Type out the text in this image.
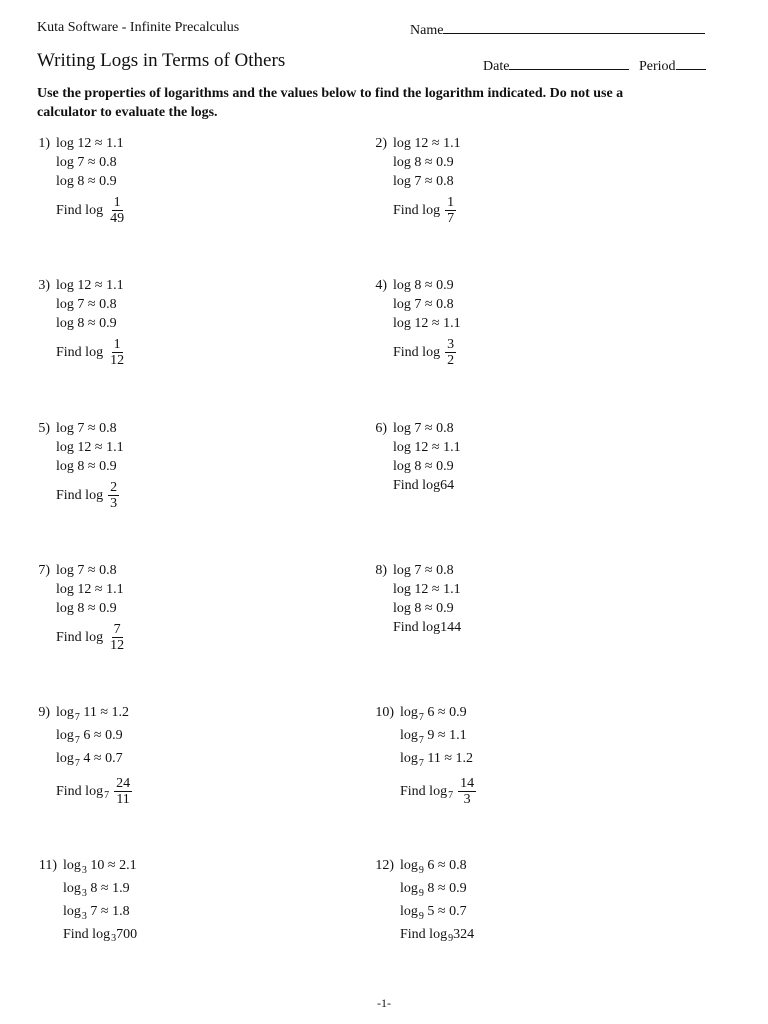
Kuta Software - Infinite Precalculus	Name
Writing Logs in Terms of Others	Date	Period
Use the properties of logarithms and the values below to find the logarithm indicated. Do not use a calculator to evaluate the logs.
1) log 12 ≈ 1.1
log 7 ≈ 0.8
log 8 ≈ 0.9
Find $\log \frac{1}{49}$
2) log 12 ≈ 1.1
log 8 ≈ 0.9
log 7 ≈ 0.8
Find $\log \frac{1}{7}$
3) log 12 ≈ 1.1
log 7 ≈ 0.8
log 8 ≈ 0.9
Find $\log \frac{1}{12}$
4) log 8 ≈ 0.9
log 7 ≈ 0.8
log 12 ≈ 1.1
Find $\log \frac{3}{2}$
5) log 7 ≈ 0.8
log 12 ≈ 1.1
log 8 ≈ 0.9
Find $\log \frac{2}{3}$
6) log 7 ≈ 0.8
log 12 ≈ 1.1
log 8 ≈ 0.9
Find log 64
7) log 7 ≈ 0.8
log 12 ≈ 1.1
log 8 ≈ 0.9
Find $\log \frac{7}{12}$
8) log 7 ≈ 0.8
log 12 ≈ 1.1
log 8 ≈ 0.9
Find log 144
9) $\log_7 11 \approx 1.2$
$\log_7 6 \approx 0.9$
$\log_7 4 \approx 0.7$
Find $\log 7 \frac{24}{11}$
10) $\log_7 6 \approx 0.9$
$\log_7 9 \approx 1.1$
$\log_7 11 \approx 1.2$
Find $\log 7 \frac{14}{3}$
11) $\log_3 10 \approx 2.1$
$\log_3 8 \approx 1.9$
$\log_3 7 \approx 1.8$
Find log 3 700
12) $\log_9 6 \approx 0.8$
$\log_9 8 \approx 0.9$
$\log_9 5 \approx 0.7$
Find log 9 324
-1-
